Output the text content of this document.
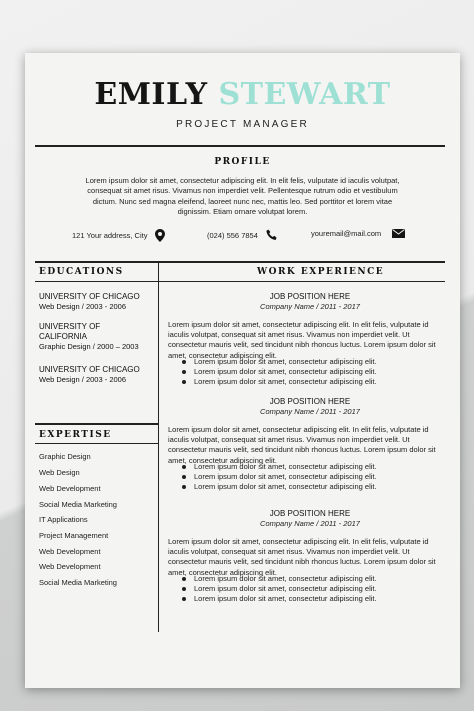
EMILY STEWART
PROJECT MANAGER
PROFILE
Lorem ipsum dolor sit amet, consectetur adipiscing elit. In elit felis, vulputate id iaculis volutpat, consequat sit amet risus. Vivamus non imperdiet velit. Pellentesque rutrum odio et vestibulum dictum. Nunc sed magna eleifend, laoreet nunc nec, mattis leo. Sed porttitor et lorem vitae dignissim. Etiam ornare volutpat lorem.
121 Your address, City	(024) 556 7854	youremail@mail.com
EDUCATIONS	WORK EXPERIENCE
UNIVERSITY OF CHICAGO
Web Design / 2003 - 2006
UNIVERSITY OF
CALIFORNIA
Graphic Design / 2000 – 2003
UNIVERSITY OF CHICAGO
Web Design / 2003 - 2006
EXPERTISE
Graphic Design
Web Design
Web Development
Social Media Marketing
IT Applications
Project Management
Web Development
Web Development
Social Media Marketing
JOB POSITION HERE
Company Name / 2011 - 2017
Lorem ipsum dolor sit amet, consectetur adipiscing elit. In elit felis, vulputate id iaculis volutpat, consequat sit amet risus. Vivamus non imperdiet velit. Ut consectetur mauris velit, sed tincidunt nibh rhoncus luctus. Lorem ipsum dolor sit amet, consectetur adipiscing elit.
Lorem ipsum dolor sit amet, consectetur adipiscing elit.
Lorem ipsum dolor sit amet, consectetur adipiscing elit.
Lorem ipsum dolor sit amet, consectetur adipiscing elit.
JOB POSITION HERE
Company Name / 2011 - 2017
Lorem ipsum dolor sit amet, consectetur adipiscing elit. In elit felis, vulputate id iaculis volutpat, consequat sit amet risus. Vivamus non imperdiet velit. Ut consectetur mauris velit, sed tincidunt nibh rhoncus luctus. Lorem ipsum dolor sit amet, consectetur adipiscing elit.
Lorem ipsum dolor sit amet, consectetur adipiscing elit.
Lorem ipsum dolor sit amet, consectetur adipiscing elit.
Lorem ipsum dolor sit amet, consectetur adipiscing elit.
JOB POSITION HERE
Company Name / 2011 - 2017
Lorem ipsum dolor sit amet, consectetur adipiscing elit. In elit felis, vulputate id iaculis volutpat, consequat sit amet risus. Vivamus non imperdiet velit. Ut consectetur mauris velit, sed tincidunt nibh rhoncus luctus. Lorem ipsum dolor sit amet, consectetur adipiscing elit.
Lorem ipsum dolor sit amet, consectetur adipiscing elit.
Lorem ipsum dolor sit amet, consectetur adipiscing elit.
Lorem ipsum dolor sit amet, consectetur adipiscing elit.
